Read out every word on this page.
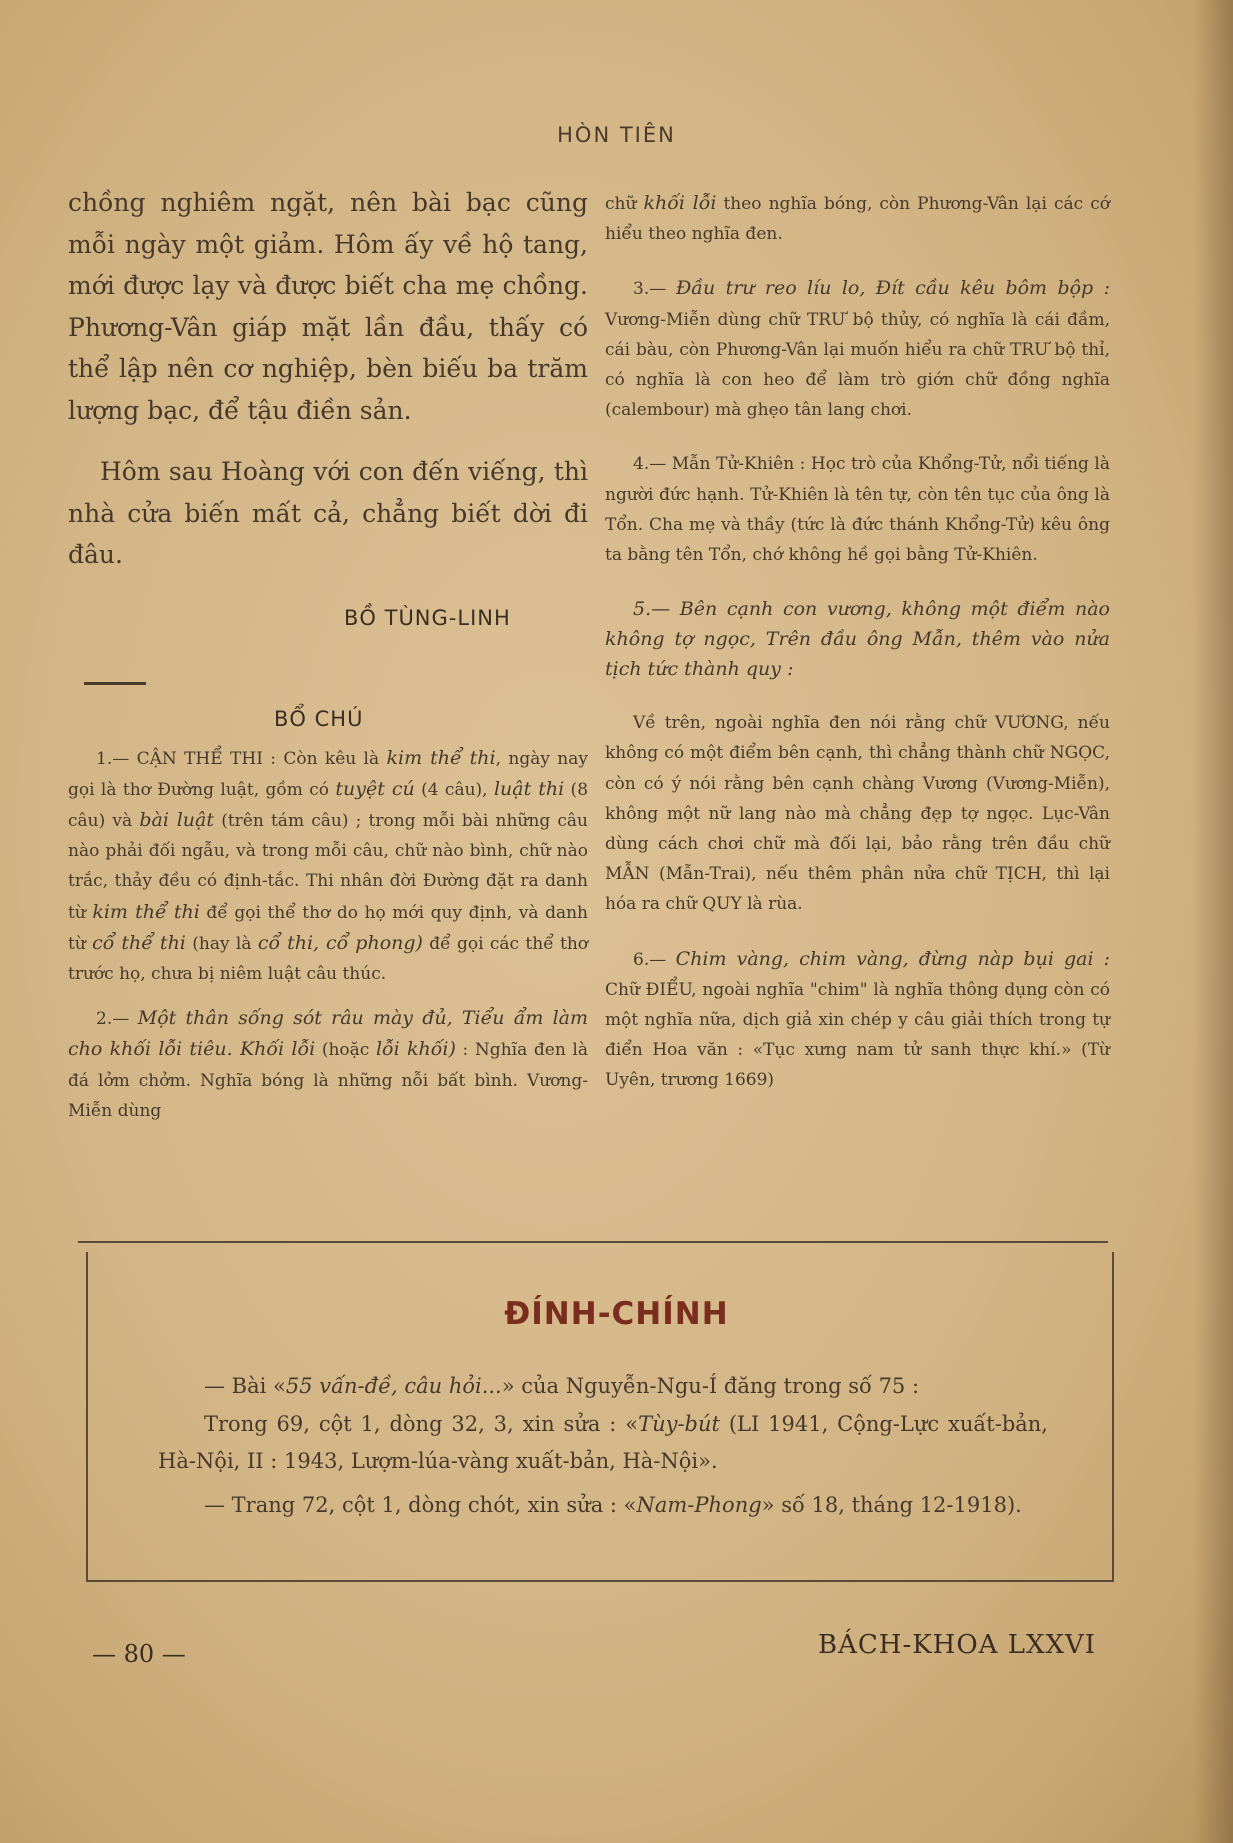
HÒN TIÊN

chồng nghiêm ngặt, nên bài bạc cũng mỗi ngày một giảm. Hôm ấy về hộ tang, mới được lạy và được biết cha mẹ chồng. Phương-Vân giáp mặt lần đầu, thấy có thể lập nên cơ nghiệp, bèn biếu ba trăm lượng bạc, để tậu điền sản.

Hôm sau Hoàng với con đến viếng, thì nhà cửa biến mất cả, chẳng biết dời đi đâu.

BỒ TÙNG-LINH
BỔ CHÚ

1.— CẬN THỂ THI : Còn kêu là kim thể thi, ngày nay gọi là thơ Đường luật, gồm có tuyệt cú (4 câu), luật thi (8 câu) và bài luật (trên tám câu) ; trong mỗi bài những câu nào phải đối ngẫu, và trong mỗi câu, chữ nào bình, chữ nào trắc, thảy đều có định-tắc. Thi nhân đời Đường đặt ra danh từ kim thể thi để gọi thể thơ do họ mới quy định, và danh từ cổ thể thi (hay là cổ thi, cổ phong) để gọi các thể thơ trước họ, chưa bị niêm luật câu thúc.

2.— Một thân sống sót râu mày đủ, Tiểu ẩm làm cho khối lỗi tiêu. Khối lỗi (hoặc lỗi khối) : Nghĩa đen là đá lởm chởm. Nghĩa bóng là những nỗi bất bình. Vương-Miễn dùng

chữ khối lỗi theo nghĩa bóng, còn Phương-Vân lại các cớ hiểu theo nghĩa đen.

3.— Đầu trư reo líu lo, Đít cầu kêu bôm bộp : Vương-Miễn dùng chữ TRƯ bộ thủy, có nghĩa là cái đầm, cái bàu, còn Phương-Vân lại muốn hiểu ra chữ TRƯ bộ thỉ, có nghĩa là con heo để làm trò giớn chữ đồng nghĩa (calembour) mà ghẹo tân lang chơi.

4.— Mẫn Tử-Khiên : Học trò của Khổng-Tử, nổi tiếng là người đức hạnh. Tử-Khiên là tên tự, còn tên tục của ông là Tổn. Cha mẹ và thầy (tức là đức thánh Khổng-Tử) kêu ông ta bằng tên Tổn, chớ không hề gọi bằng Tử-Khiên.

5.— Bên cạnh con vương, không một điểm nào không tợ ngọc, Trên đầu ông Mẫn, thêm vào nửa tịch tức thành quy :

Về trên, ngoài nghĩa đen nói rằng chữ VƯƠNG, nếu không có một điểm bên cạnh, thì chẳng thành chữ NGỌC, còn có ý nói rằng bên cạnh chàng Vương (Vương-Miễn), không một nữ lang nào mà chẳng đẹp tợ ngọc. Lục-Vân dùng cách chơi chữ mà đối lại, bảo rằng trên đầu chữ MẪN (Mẫn-Trai), nếu thêm phân nửa chữ TỊCH, thì lại hóa ra chữ QUY là rùa.

6.— Chim vàng, chim vàng, đừng nàp bụi gai : Chữ ĐIỂU, ngoài nghĩa "chim" là nghĩa thông dụng còn có một nghĩa nữa, dịch giả xin chép y câu giải thích trong tự điển Hoa văn : «Tục xưng nam tử sanh thực khí.» (Từ Uyên, trương 1669)

ĐÍNH-CHÍNH

— Bài «55 vấn-đề, câu hỏi...» của Nguyễn-Ngu-Í đăng trong số 75 :

Trong 69, cột 1, dòng 32, 3, xin sửa : «Tùy-bút (LI 1941, Cộng-Lực xuất-bản, Hà-Nội, II : 1943, Lượm-lúa-vàng xuất-bản, Hà-Nội».

— Trang 72, cột 1, dòng chót, xin sửa : «Nam-Phong» số 18, tháng 12-1918).

— 80 —	BÁCH-KHOA LXXVI
